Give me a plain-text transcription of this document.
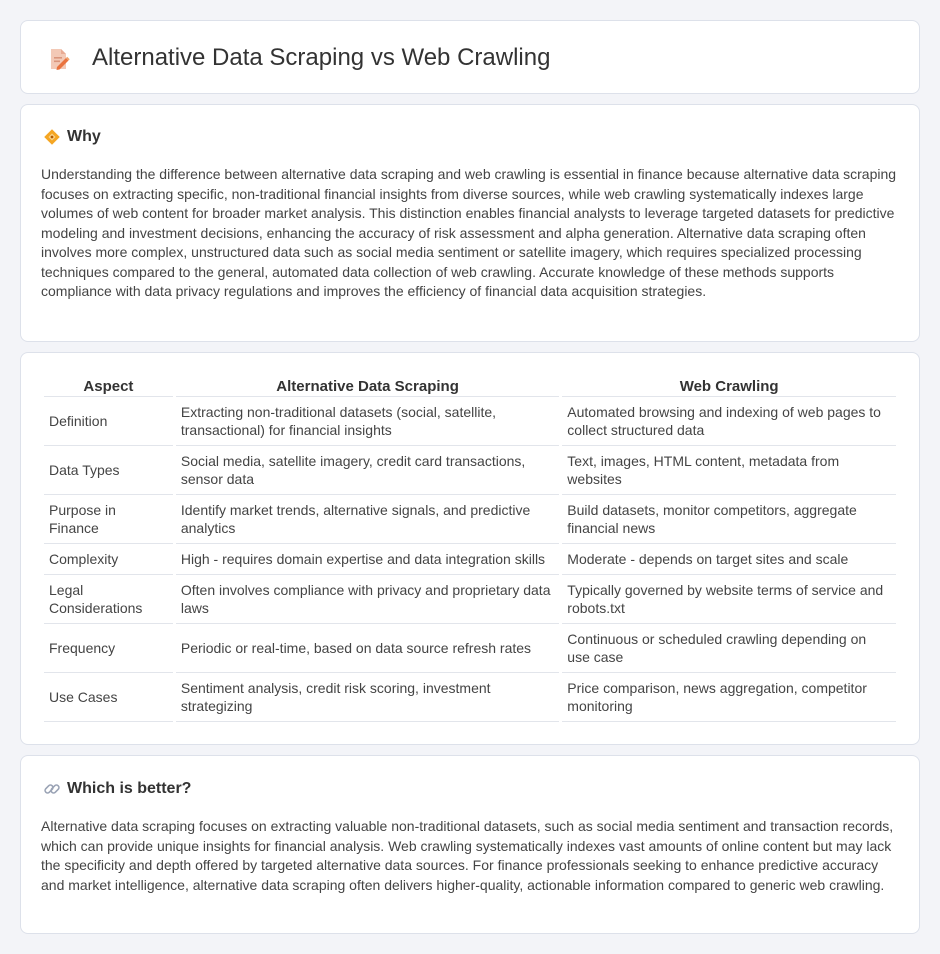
Alternative Data Scraping vs Web Crawling
Why

Understanding the difference between alternative data scraping and web crawling is essential in finance because alternative data scraping focuses on extracting specific, non-traditional financial insights from diverse sources, while web crawling systematically indexes large volumes of web content for broader market analysis. This distinction enables financial analysts to leverage targeted datasets for predictive modeling and investment decisions, enhancing the accuracy of risk assessment and alpha generation. Alternative data scraping often involves more complex, unstructured data such as social media sentiment or satellite imagery, which requires specialized processing techniques compared to the general, automated data collection of web crawling. Accurate knowledge of these methods supports compliance with data privacy regulations and improves the efficiency of financial data acquisition strategies.

Aspect	Alternative Data Scraping	Web Crawling
Definition	Extracting non-traditional datasets (social, satellite, transactional) for financial insights	Automated browsing and indexing of web pages to collect structured data
Data Types	Social media, satellite imagery, credit card transactions, sensor data	Text, images, HTML content, metadata from websites
Purpose in Finance	Identify market trends, alternative signals, and predictive analytics	Build datasets, monitor competitors, aggregate financial news
Complexity	High - requires domain expertise and data integration skills	Moderate - depends on target sites and scale
Legal Considerations	Often involves compliance with privacy and proprietary data laws	Typically governed by website terms of service and robots.txt
Frequency	Periodic or real-time, based on data source refresh rates	Continuous or scheduled crawling depending on use case
Use Cases	Sentiment analysis, credit risk scoring, investment strategizing	Price comparison, news aggregation, competitor monitoring
Which is better?

Alternative data scraping focuses on extracting valuable non-traditional datasets, such as social media sentiment and transaction records, which can provide unique insights for financial analysis. Web crawling systematically indexes vast amounts of online content but may lack the specificity and depth offered by targeted alternative data sources. For finance professionals seeking to enhance predictive accuracy and market intelligence, alternative data scraping often delivers higher-quality, actionable information compared to generic web crawling.
